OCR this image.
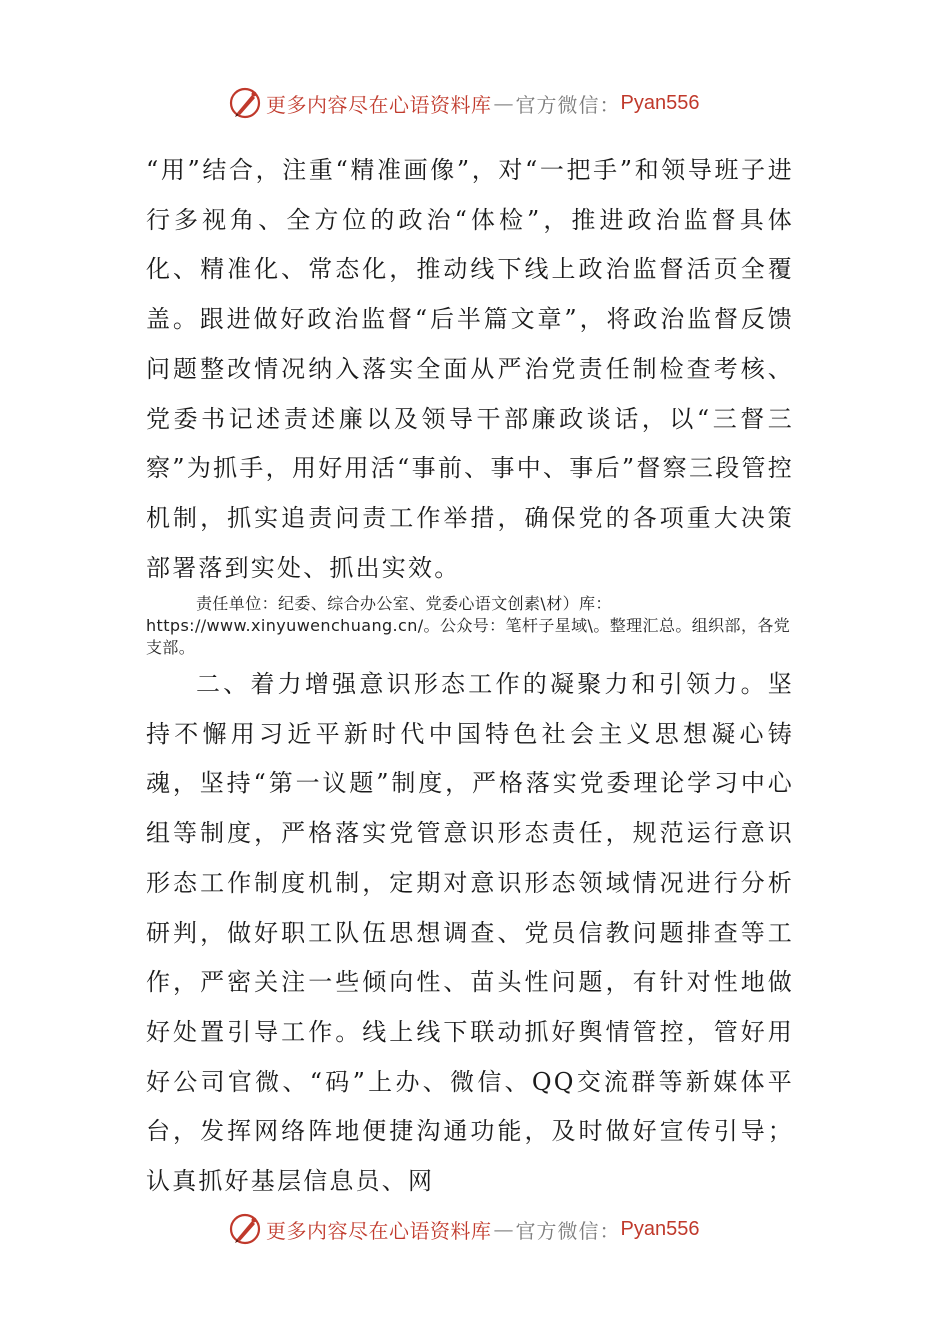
更多内容尽在心语资料库 — 官方微信： Pyan556

“用”结合，注重“精准画像”，对“一把手”和领导班子进行多视角、全方位的政治“体检”，推进政治监督具体化、精准化、常态化，推动线下线上政治监督活页全覆盖。跟进做好政治监督“后半篇文章”，将政治监督反馈问题整改情况纳入落实全面从严治党责任制检查考核、党委书记述责述廉以及领导干部廉政谈话，以“三督三察”为抓手，用好用活“事前、事中、事后”督察三段管控机制，抓实追责问责工作举措，确保党的各项重大决策部署落到实处、抓出实效。

责任单位：纪委、综合办公室、党委心语文创素\材）库：https://www.xinyuwenchuang.cn/。公众号：笔杆子星域\。整理汇总。组织部，各党支部。

二、着力增强意识形态工作的凝聚力和引领力。坚持不懈用习近平新时代中国特色社会主义思想凝心铸魂，坚持“第一议题”制度，严格落实党委理论学习中心组等制度，严格落实党管意识形态责任，规范运行意识形态工作制度机制，定期对意识形态领域情况进行分析研判，做好职工队伍思想调查、党员信教问题排查等工作，严密关注一些倾向性、苗头性问题，有针对性地做好处置引导工作。线上线下联动抓好舆情管控，管好用好公司官微、“码”上办、微信、QQ交流群等新媒体平台，发挥网络阵地便捷沟通功能，及时做好宣传引导；认真抓好基层信息员、网

更多内容尽在心语资料库 — 官方微信： Pyan556
